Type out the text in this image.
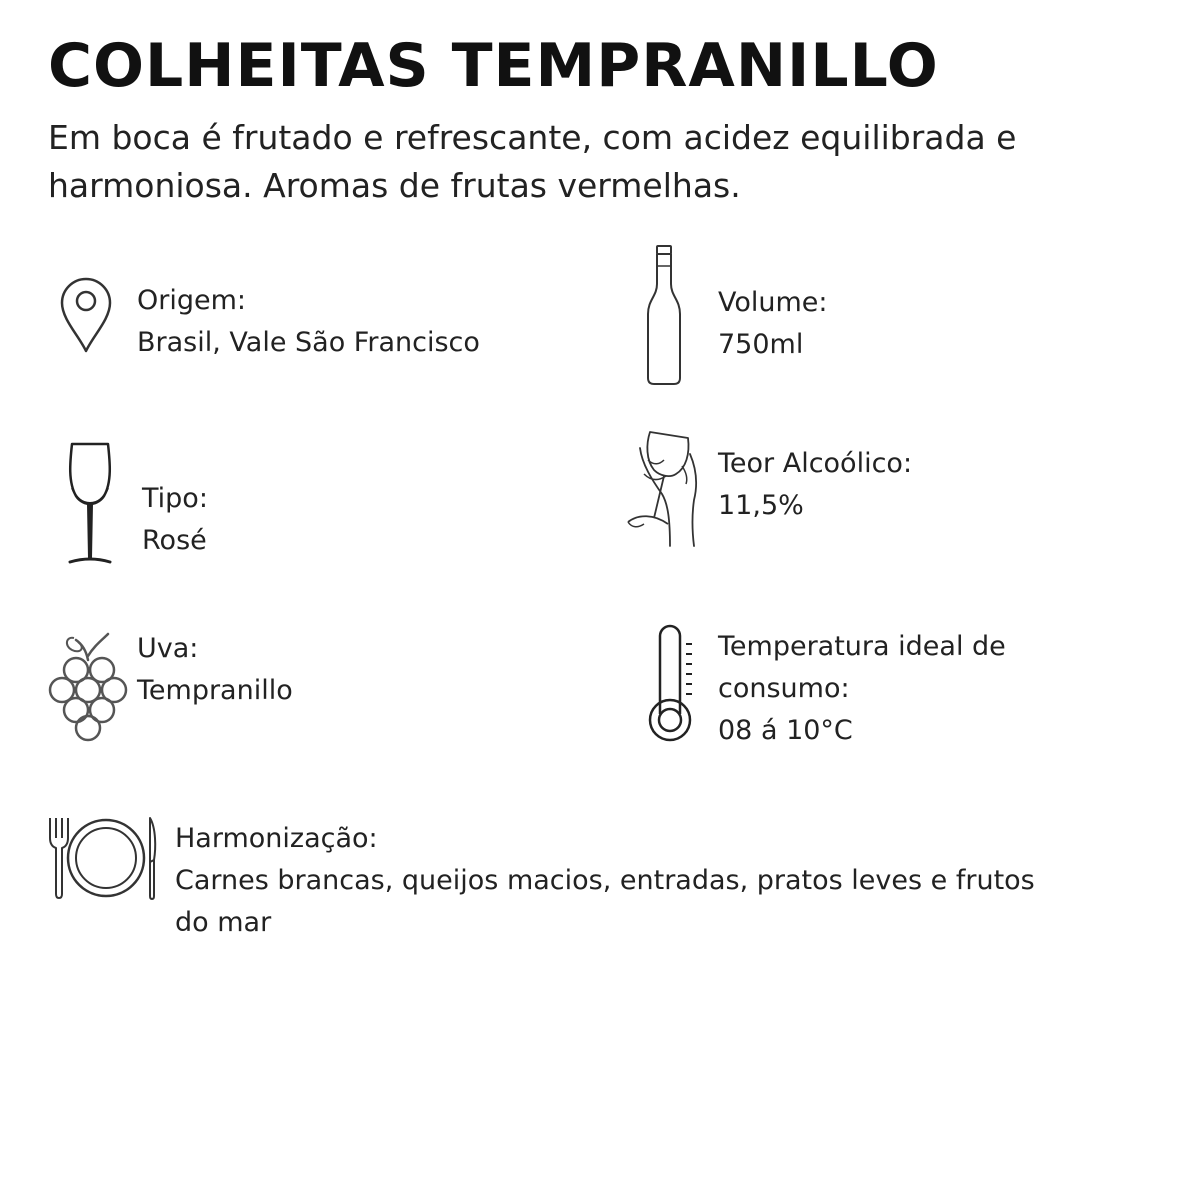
COLHEITAS TEMPRANILLO

Em boca é frutado e refrescante, com acidez equilibrada e harmoniosa. Aromas de frutas vermelhas.

Origem:
Brasil, Vale São Francisco
Volume:
750ml
Tipo:
Rosé
Teor Alcoólico:
11,5%
Uva:
Tempranillo
Temperatura ideal de
consumo:
08 á 10°C
Harmonização:
Carnes brancas, queijos macios, entradas, pratos leves e frutos do mar
